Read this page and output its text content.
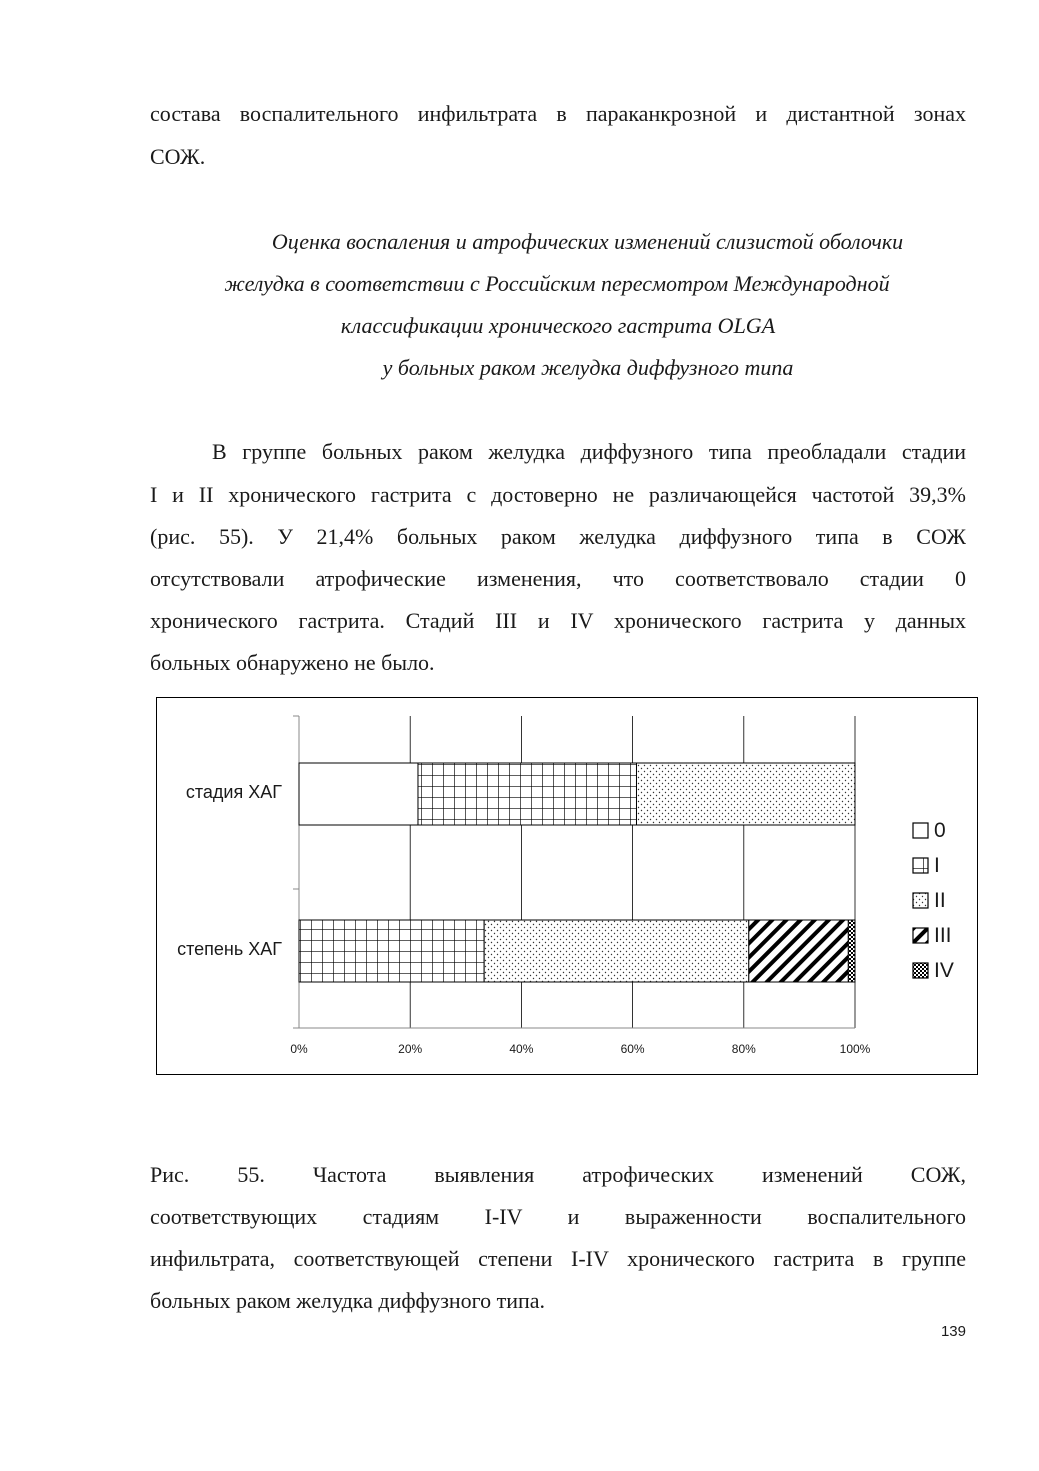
состава воспалительного инфильтрата в параканкрозной и дистантной зонах
СОЖ.
Оценка воспаления и атрофических изменений слизистой оболочки
желудка в соответствии с Российским пересмотром Международной
классификации хронического гастрита OLGA
у больных раком желудка диффузного типа
В группе больных раком желудка диффузного типа преобладали стадии
I и II хронического гастрита с достоверно не различающейся частотой 39,3%
(рис. 55). У 21,4% больных раком желудка диффузного типа в СОЖ
отсутствовали атрофические изменения, что соответствовало стадии 0
хронического гастрита. Стадий III и IV хронического гастрита у данных
больных обнаружено не было.
стадия ХАГ
степень ХАГ
0%	20%	40%	60%	80%	100%
0
I
II
III
IV
Рис. 55. Частота выявления атрофических изменений СОЖ,
соответствующих стадиям I-IV и выраженности воспалительного
инфильтрата, соответствующей степени I-IV хронического гастрита в группе
больных раком желудка диффузного типа.
139
